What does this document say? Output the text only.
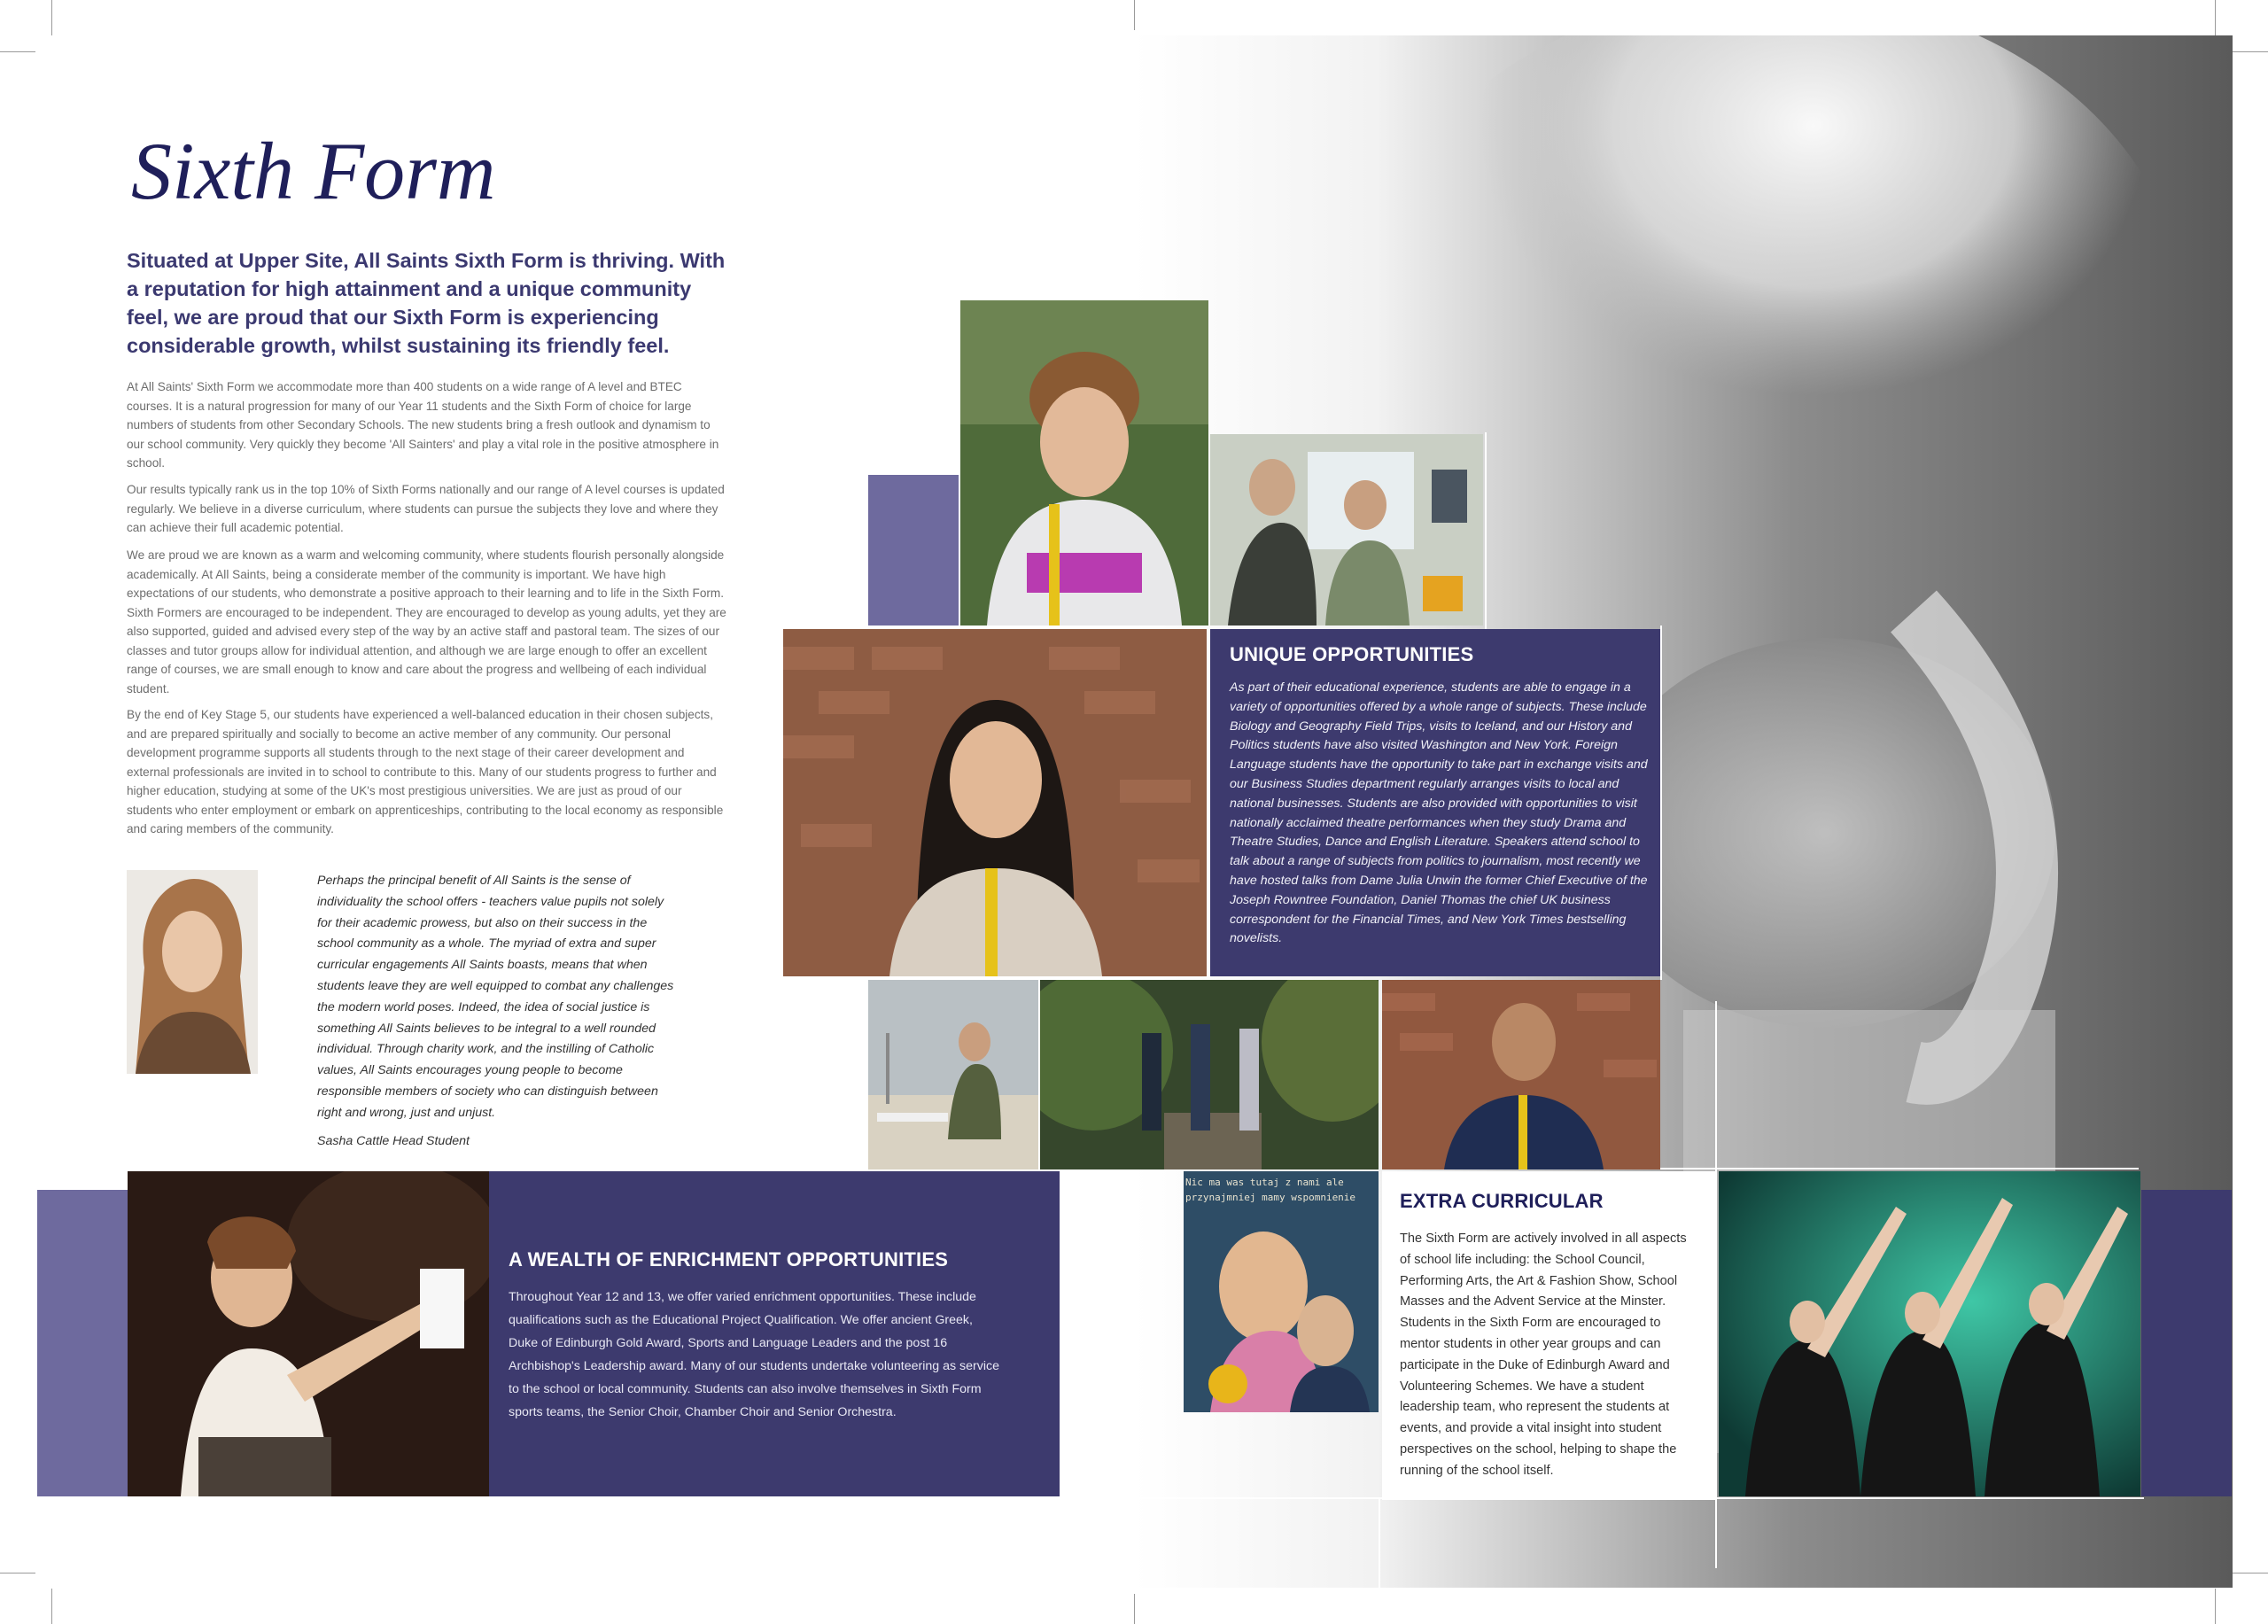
Sixth Form

Situated at Upper Site, All Saints Sixth Form is thriving. With a reputation for high attainment and a unique community feel, we are proud that our Sixth Form is experiencing considerable growth, whilst sustaining its friendly feel.

At All Saints' Sixth Form we accommodate more than 400 students on a wide range of A level and BTEC courses. It is a natural progression for many of our Year 11 students and the Sixth Form of choice for large numbers of students from other Secondary Schools. The new students bring a fresh outlook and dynamism to our school community. Very quickly they become 'All Sainters' and play a vital role in the positive atmosphere in school.

Our results typically rank us in the top 10% of Sixth Forms nationally and our range of A level courses is updated regularly. We believe in a diverse curriculum, where students can pursue the subjects they love and where they can achieve their full academic potential.

We are proud we are known as a warm and welcoming community, where students flourish personally alongside academically. At All Saints, being a considerate member of the community is important. We have high expectations of our students, who demonstrate a positive approach to their learning and to life in the Sixth Form. Sixth Formers are encouraged to be independent. They are encouraged to develop as young adults, yet they are also supported, guided and advised every step of the way by an active staff and pastoral team. The sizes of our classes and tutor groups allow for individual attention, and although we are large enough to offer an excellent range of courses, we are small enough to know and care about the progress and wellbeing of each individual student.

By the end of Key Stage 5, our students have experienced a well-balanced education in their chosen subjects, and are prepared spiritually and socially to become an active member of any community. Our personal development programme supports all students through to the next stage of their career development and external professionals are invited in to school to contribute to this. Many of our students progress to further and higher education, studying at some of the UK's most prestigious universities. We are just as proud of our students who enter employment or embark on apprenticeships, contributing to the local economy as responsible and caring members of the community.

Perhaps the principal benefit of All Saints is the sense of individuality the school offers - teachers value pupils not solely for their academic prowess, but also on their success in the school community as a whole. The myriad of extra and super curricular engagements All Saints boasts, means that when students leave they are well equipped to combat any challenges the modern world poses. Indeed, the idea of social justice is something All Saints believes to be integral to a well rounded individual. Through charity work, and the instilling of Catholic values, All Saints encourages young people to become responsible members of society who can distinguish between right and wrong, just and unjust.

Sasha Cattle Head Student
UNIQUE OPPORTUNITIES

As part of their educational experience, students are able to engage in a variety of opportunities offered by a whole range of subjects. These include Biology and Geography Field Trips, visits to Iceland, and our History and Politics students have also visited Washington and New York. Foreign Language students have the opportunity to take part in exchange visits and our Business Studies department regularly arranges visits to local and national businesses. Students are also provided with opportunities to visit nationally acclaimed theatre performances when they study Drama and Theatre Studies, Dance and English Literature. Speakers attend school to talk about a range of subjects from politics to journalism, most recently we have hosted talks from Dame Julia Unwin the former Chief Executive of the Joseph Rowntree Foundation, Daniel Thomas the chief UK business correspondent for the Financial Times, and New York Times bestselling novelists.

A WEALTH OF ENRICHMENT OPPORTUNITIES

Throughout Year 12 and 13, we offer varied enrichment opportunities. These include qualifications such as the Educational Project Qualification. We offer ancient Greek, Duke of Edinburgh Gold Award, Sports and Language Leaders and the post 16 Archbishop's Leadership award. Many of our students undertake volunteering as service to the school or local community. Students can also involve themselves in Sixth Form sports teams, the Senior Choir, Chamber Choir and Senior Orchestra.

Nic ma was tutaj z nami ale przynajmniej mamy wspomnienie	EXTRA CURRICULAR

The Sixth Form are actively involved in all aspects of school life including: the School Council, Performing Arts, the Art & Fashion Show, School Masses and the Advent Service at the Minster. Students in the Sixth Form are encouraged to mentor students in other year groups and can participate in the Duke of Edinburgh Award and Volunteering Schemes. We have a student leadership team, who represent the students at events, and provide a vital insight into student perspectives on the school, helping to shape the running of the school itself.
